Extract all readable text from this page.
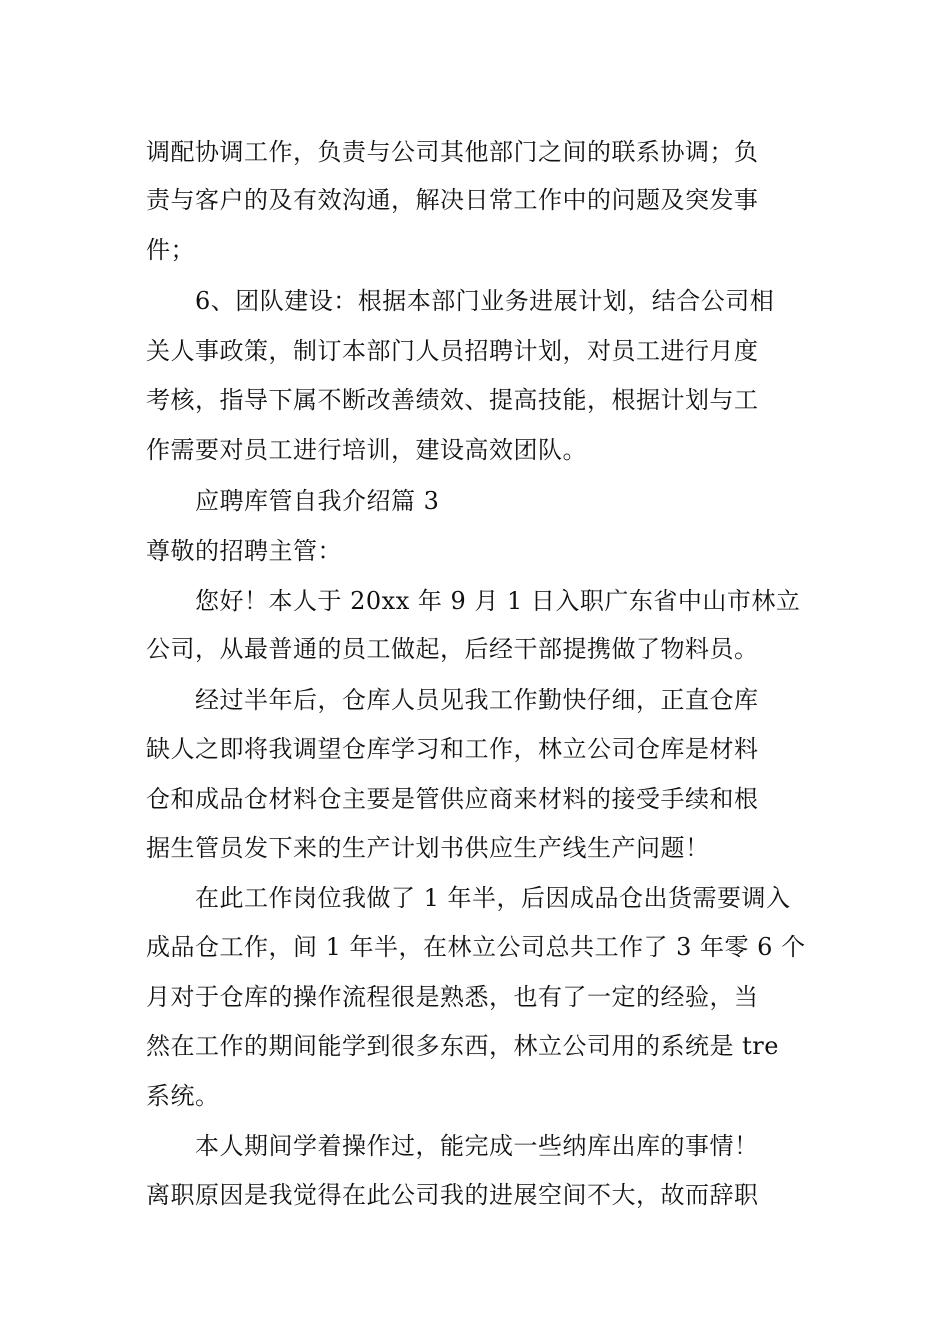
调配协调工作，负责与公司其他部门之间的联系协调；负
责与客户的及有效沟通，解决日常工作中的问题及突发事
件；
6、团队建设：根据本部门业务进展计划，结合公司相
关人事政策，制订本部门人员招聘计划，对员工进行月度
考核，指导下属不断改善绩效、提高技能，根据计划与工
作需要对员工进行培训，建设高效团队。
应聘库管自我介绍篇 3
尊敬的招聘主管：
您好！本人于 20xx 年 9 月 1 日入职广东省中山市林立
公司，从最普通的员工做起，后经干部提携做了物料员。
经过半年后，仓库人员见我工作勤快仔细，正直仓库
缺人之即将我调望仓库学习和工作，林立公司仓库是材料
仓和成品仓材料仓主要是管供应商来材料的接受手续和根
据生管员发下来的生产计划书供应生产线生产问题！
在此工作岗位我做了 1 年半，后因成品仓出货需要调入
成品仓工作，间 1 年半，在林立公司总共工作了 3 年零 6 个
月对于仓库的操作流程很是熟悉，也有了一定的经验，当
然在工作的期间能学到很多东西，林立公司用的系统是 tre
系统。
本人期间学着操作过，能完成一些纳库出库的事情！
离职原因是我觉得在此公司我的进展空间不大，故而辞职
